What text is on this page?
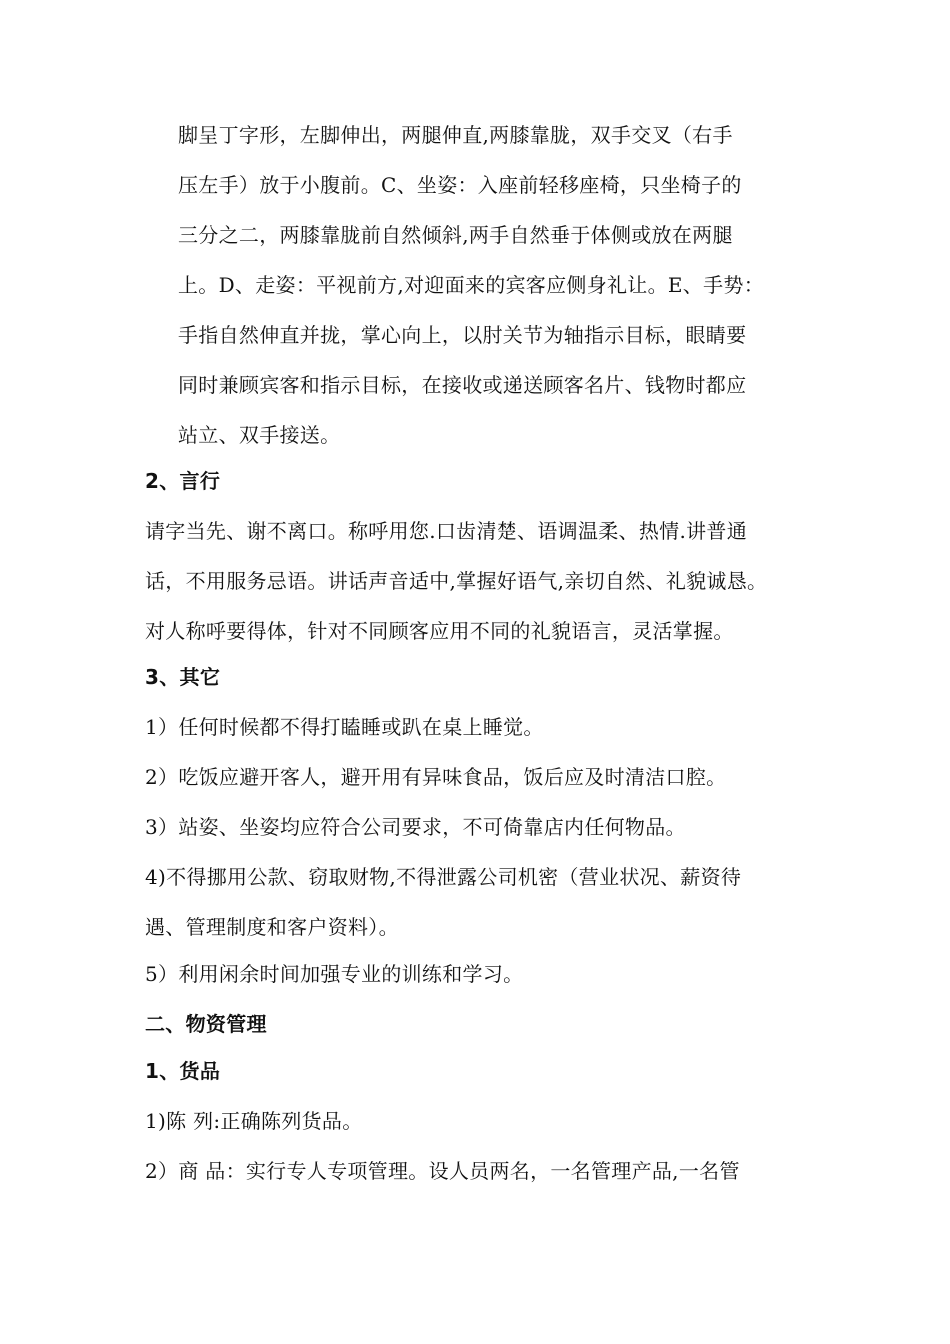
脚呈丁字形，左脚伸出，两腿伸直,两膝靠胧，双手交叉（右手
压左手）放于小腹前。C、坐姿：入座前轻移座椅，只坐椅子的
三分之二，两膝靠胧前自然倾斜,两手自然垂于体侧或放在两腿
上。D、走姿：平视前方,对迎面来的宾客应侧身礼让。E、手势：
手指自然伸直并拢，掌心向上，以肘关节为轴指示目标，眼睛要
同时兼顾宾客和指示目标，在接收或递送顾客名片、钱物时都应
站立、双手接送。
2、言行
请字当先、谢不离口。称呼用您.口齿清楚、语调温柔、热情.讲普通
话，不用服务忌语。讲话声音适中,掌握好语气,亲切自然、礼貌诚恳。
对人称呼要得体，针对不同顾客应用不同的礼貌语言，灵活掌握。
3、其它
1）任何时候都不得打瞌睡或趴在桌上睡觉。
2）吃饭应避开客人，避开用有异味食品，饭后应及时清洁口腔。
3）站姿、坐姿均应符合公司要求，不可倚靠店内任何物品。
4)不得挪用公款、窃取财物,不得泄露公司机密（营业状况、薪资待
遇、管理制度和客户资料）。
5）利用闲余时间加强专业的训练和学习。
二、物资管理
1、货品
1)陈 列:正确陈列货品。
2）商 品：实行专人专项管理。设人员两名，一名管理产品,一名管
